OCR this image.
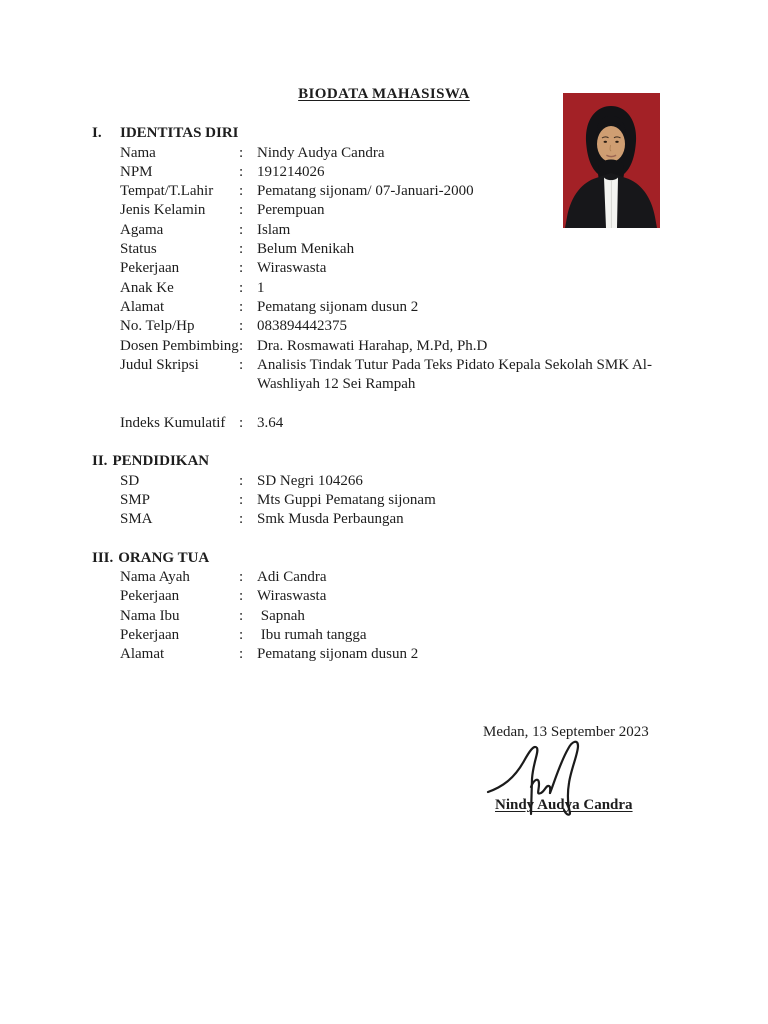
BIODATA MAHASISWA
I. IDENTITAS DIRI
Nama	: Nindy Audya Candra
NPM	: 191214026
Tempat/T.Lahir	: Pematang sijonam/ 07-Januari-2000
Jenis Kelamin	: Perempuan
Agama	: Islam
Status	: Belum Menikah
Pekerjaan	: Wiraswasta
Anak Ke	: 1
Alamat	: Pematang sijonam dusun 2
No. Telp/Hp	: 083894442375
Dosen Pembimbing : Dra. Rosmawati Harahap, M.Pd, Ph.D
Judul Skripsi	: Analisis Tindak Tutur Pada Teks Pidato Kepala Sekolah SMK Al-Washliyah 12 Sei Rampah
Indeks Kumulatif : 3.64
II. PENDIDIKAN
SD	: SD Negri 104266
SMP	: Mts Guppi Pematang sijonam
SMA	: Smk Musda Perbaungan
III. ORANG TUA
Nama Ayah	: Adi Candra
Pekerjaan	: Wiraswasta
Nama Ibu	: Sapnah
Pekerjaan	: Ibu rumah tangga
Alamat	: Pematang sijonam dusun 2
Medan, 13 September 2023
Nindy Audya Candra
